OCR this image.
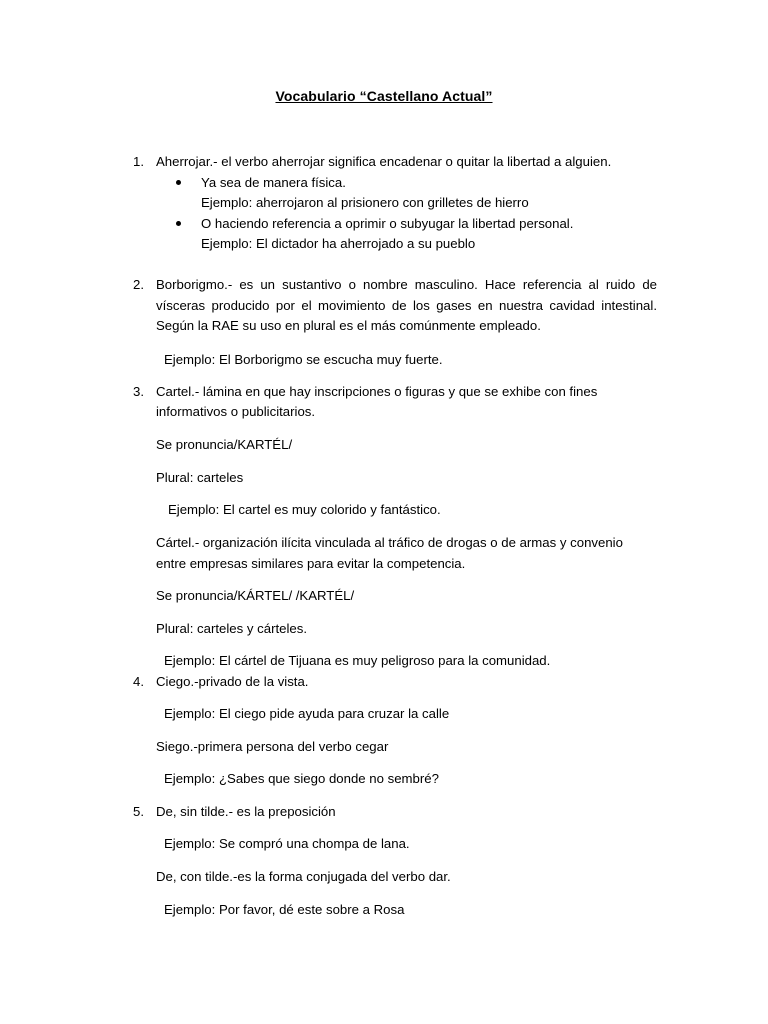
Vocabulario “Castellano Actual”
1. Aherrojar.- el verbo aherrojar significa encadenar o quitar la libertad a alguien.
Ya sea de manera física.
Ejemplo: aherrojaron al prisionero con grilletes de hierro
O haciendo referencia a oprimir o subyugar la libertad personal.
Ejemplo: El dictador ha aherrojado a su pueblo
2. Borborigmo.- es un sustantivo o nombre masculino. Hace referencia al ruido de vísceras producido por el movimiento de los gases en nuestra cavidad intestinal. Según la RAE su uso en plural es el más comúnmente empleado.
Ejemplo: El Borborigmo se escucha muy fuerte.
3. Cartel.- lámina en que hay inscripciones o figuras y que se exhibe con fines
informativos o publicitarios.
Se pronuncia/KARTÉL/
Plural: carteles
Ejemplo: El cartel es muy colorido y fantástico.
Cártel.- organización ilícita vinculada al tráfico de drogas o de armas y convenio
entre empresas similares para evitar la competencia.
Se pronuncia/KÁRTEL/ /KARTÉL/
Plural: carteles y cárteles.
Ejemplo: El cártel de Tijuana es muy peligroso para la comunidad.
4. Ciego.-privado de la vista.
Ejemplo: El ciego pide ayuda para cruzar la calle
Siego.-primera persona del verbo cegar
Ejemplo: ¿Sabes que siego donde no sembré?
5. De, sin tilde.- es la preposición
Ejemplo: Se compró una chompa de lana.
De, con tilde.-es la forma conjugada del verbo dar.
Ejemplo: Por favor, dé este sobre a Rosa
